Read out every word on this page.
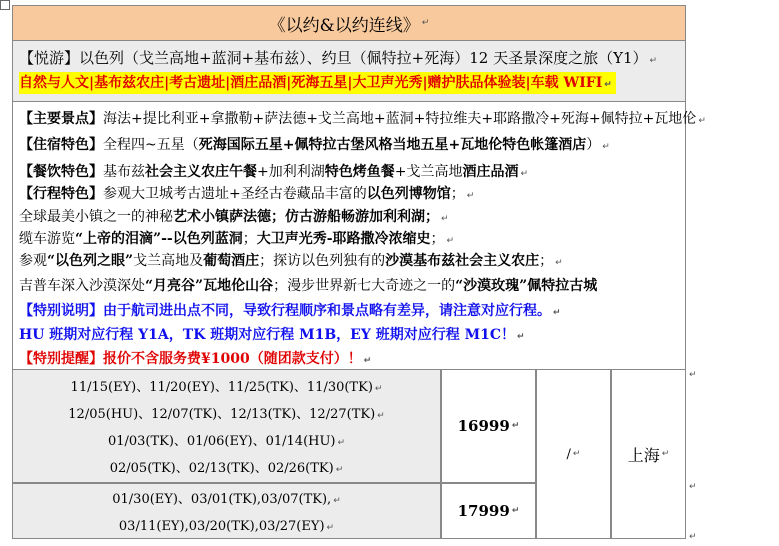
《以约&以约连线》 ↵
【悦游】以色列（戈兰高地+蓝洞+基布兹）、约旦（佩特拉+死海）12 天圣景深度之旅（Y1） ↵
自然与人文|基布兹农庄|考古遗址|酒庄品酒|死海五星|大卫声光秀|赠护肤品体验装|车载 WIFI ↵
【主要景点】海法+提比利亚+拿撒勒+萨法德+戈兰高地+蓝洞+特拉维夫+耶路撒冷+死海+佩特拉+瓦地伦 ↵
【住宿特色】全程四~五星（死海国际五星+佩特拉古堡风格当地五星+瓦地伦特色帐篷酒店） ↵
【餐饮特色】基布兹社会主义农庄午餐+加利利湖特色烤鱼餐+戈兰高地酒庄品酒 ↵
【行程特色】参观大卫城考古遗址+圣经古卷藏品丰富的以色列博物馆； ↵
全球最美小镇之一的神秘艺术小镇萨法德；仿古游船畅游加利利湖； ↵
缆车游览“上帝的泪滴”--以色列蓝洞；大卫声光秀-耶路撒冷浓缩史； ↵
参观“以色列之眼”戈兰高地及葡萄酒庄；探访以色列独有的沙漠基布兹社会主义农庄； ↵
吉普车深入沙漠深处“月亮谷”瓦地伦山谷；漫步世界新七大奇迹之一的“沙漠玫瑰”佩特拉古城
【特别说明】由于航司进出点不同，导致行程顺序和景点略有差异，请注意对应行程。 ↵
HU 班期对应行程 Y1A，TK 班期对应行程 M1B，EY 班期对应行程 M1C！ ↵
【特别提醒】报价不含服务费¥1000（随团款支付）！ ↵
11/15(EY)、11/20(EY)、11/25(TK)、11/30(TK) ↵
12/05(HU)、12/07(TK)、12/13(TK)、12/27(TK) ↵
01/03(TK)、01/06(EY)、01/14(HU) ↵
02/05(TK)、02/13(TK)、02/26(TK) ↵
01/30(EY)、03/01(TK),03/07(TK), ↵
03/11(EY),03/20(TK),03/27(EY) ↵
16999 ↵
17999 ↵
/ ↵	上海 ↵
↵
↵
↵
